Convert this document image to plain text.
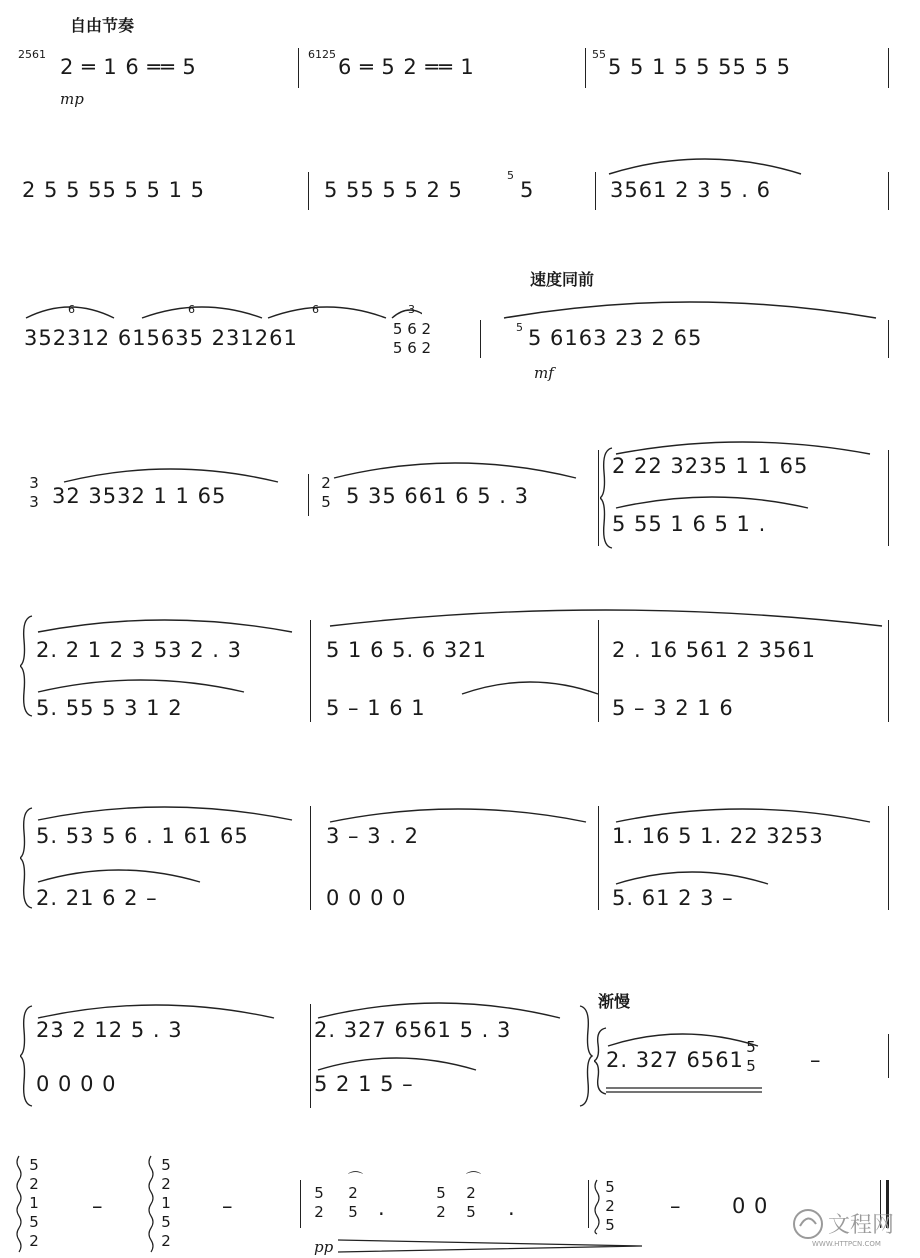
自由节奏
2561
2 ═ 1 6 ══ 5
mp
6125
6 ═ 5 2 ══ 1
55
5 5 1 5 5 55 5 5
2 5 5 55 5 5 1 5	5 55 5 5 2 5
5
5	3561 2 3 5 . 6
速度同前
6	6	6	3
352312 615635 231261	5 6 2
5 6 2
5 5 6163 23 2 65
mf
3
3 32 3532 1 1 65
2
5 5 35 661 6 5 . 3
2 22 3235 1 1 65
5 55 1 6 5 1 .
2. 2 1 2 3 53 2 . 3
5. 55 5 3 1 2
5 1 6 5. 6 321
5 – 1 6 1
2 . 16 561 2 3561
5 – 3 2 1 6
5. 53 5 6 . 1 61 65
2. 21 6 2 –
3 – 3 . 2
0 0 0 0
1. 16 5 1. 22 3253
5. 61 2 3 –
23 2 12 5 . 3
0 0 0 0
2. 327 6561 5 . 3
5 2 1 5 –
渐慢
2. 327 6561
5
5	–
5
2
1
5
2
–
5
2
1
5
2
–
5
2
⌒
2
5 .
5
2
⌒
2
5 .
pp
5
2
5
– 0 0
文程网
WWW.HTTPCN.COM
